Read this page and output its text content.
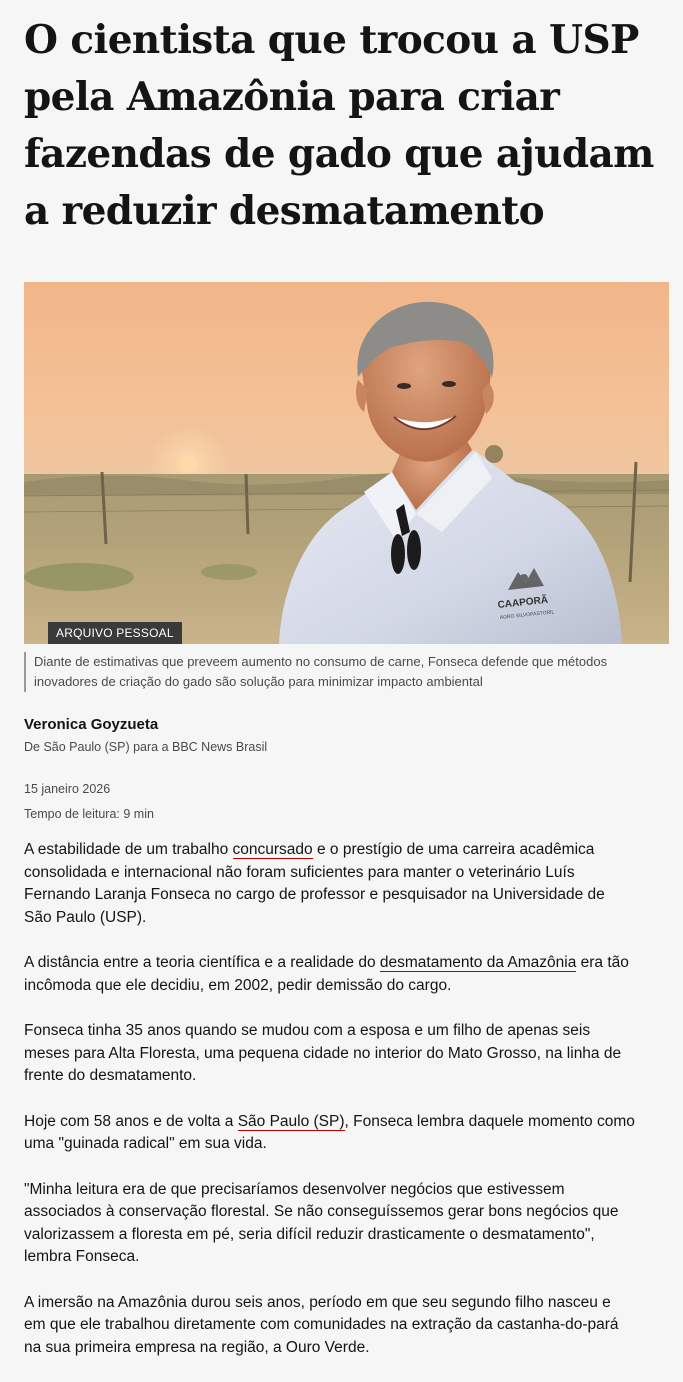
O cientista que trocou a USP pela Amazônia para criar fazendas de gado que ajudam a reduzir desmatamento
CAAPORÃ
AGRO SILVOPASTORIL
ARQUIVO PESSOAL
Diante de estimativas que preveem aumento no consumo de carne, Fonseca defende que métodos inovadores de criação do gado são solução para minimizar impacto ambiental
Veronica Goyzueta
De São Paulo (SP) para a BBC News Brasil
15 janeiro 2026
Tempo de leitura: 9 min

A estabilidade de um trabalho concursado e o prestígio de uma carreira acadêmica consolidada e internacional não foram suficientes para manter o veterinário Luís Fernando Laranja Fonseca no cargo de professor e pesquisador na Universidade de São Paulo (USP).

A distância entre a teoria científica e a realidade do desmatamento da Amazônia era tão incômoda que ele decidiu, em 2002, pedir demissão do cargo.

Fonseca tinha 35 anos quando se mudou com a esposa e um filho de apenas seis meses para Alta Floresta, uma pequena cidade no interior do Mato Grosso, na linha de frente do desmatamento.

Hoje com 58 anos e de volta a São Paulo (SP), Fonseca lembra daquele momento como uma "guinada radical" em sua vida.

"Minha leitura era de que precisaríamos desenvolver negócios que estivessem associados à conservação florestal. Se não conseguíssemos gerar bons negócios que valorizassem a floresta em pé, seria difícil reduzir drasticamente o desmatamento", lembra Fonseca.

A imersão na Amazônia durou seis anos, período em que seu segundo filho nasceu e em que ele trabalhou diretamente com comunidades na extração da castanha-do-pará na sua primeira empresa na região, a Ouro Verde.
